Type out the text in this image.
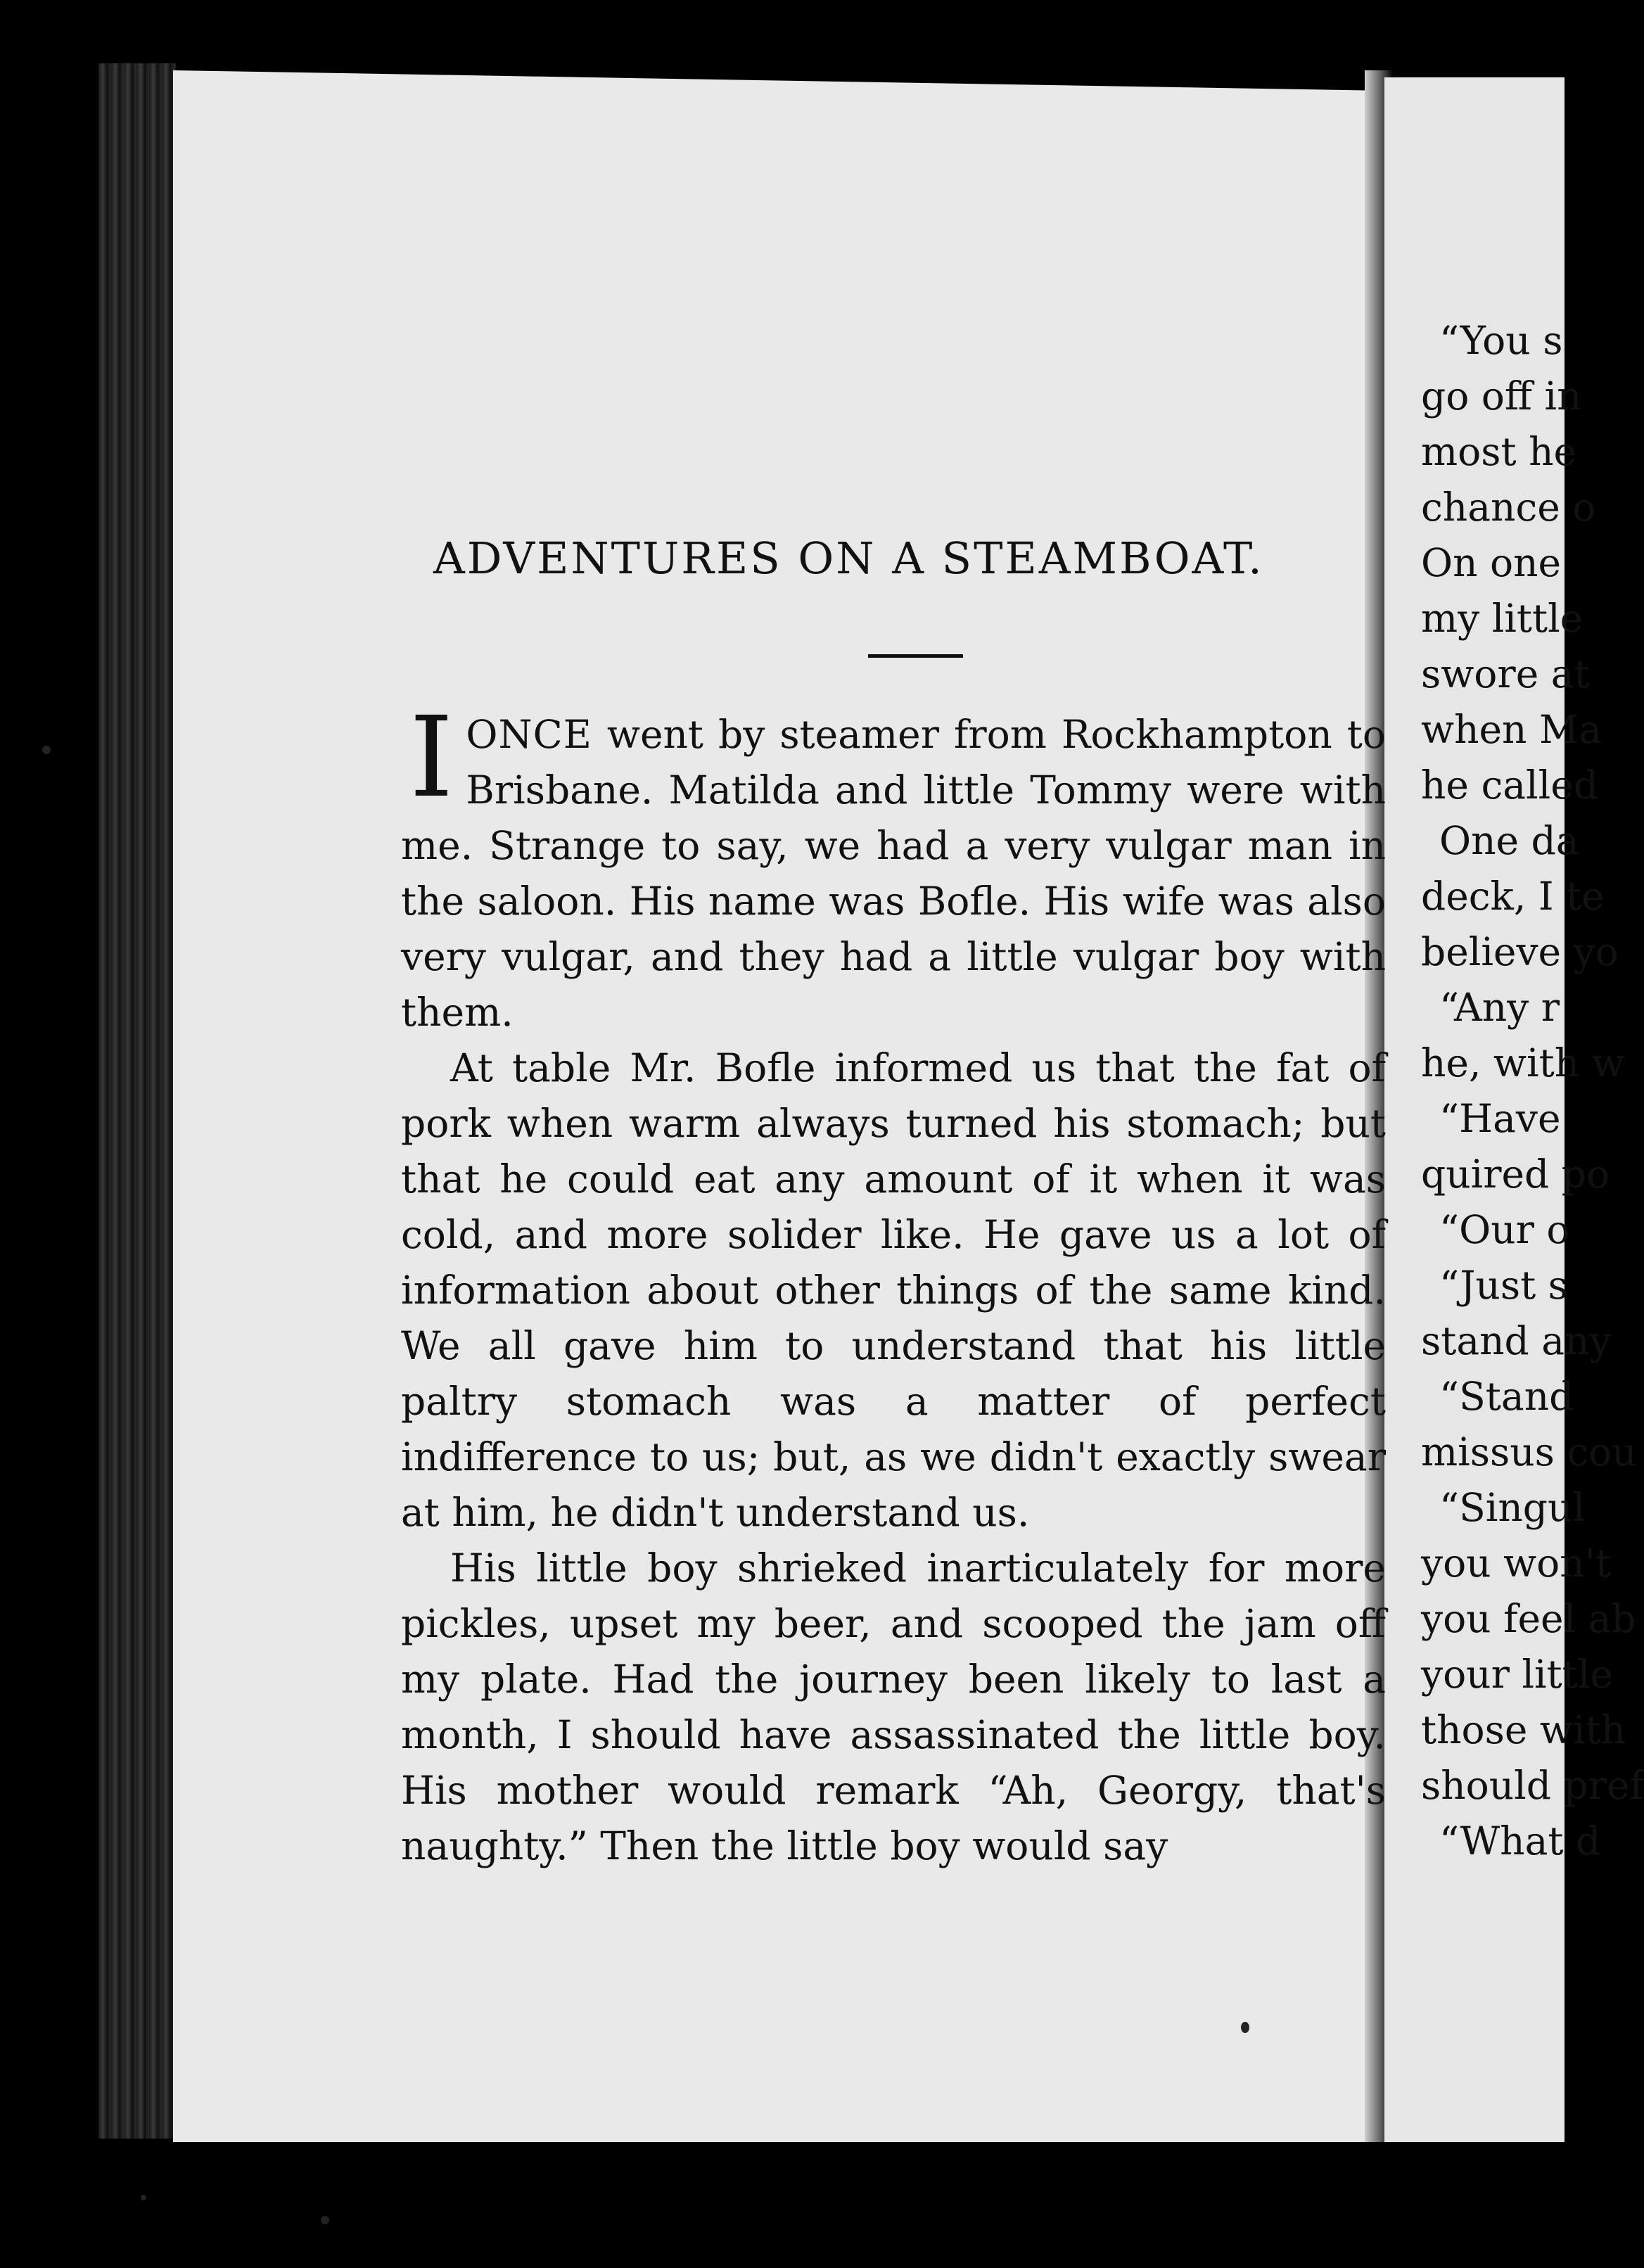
ADVENTURES ON A STEAMBOAT.

IONCE went by steamer from Rockhampton to Brisbane. Matilda and little Tommy were with me. Strange to say, we had a very vulgar man in the saloon. His name was Bofle. His wife was also very vulgar, and they had a little vulgar boy with them.

At table Mr. Bofle informed us that the fat of pork when warm always turned his stomach; but that he could eat any amount of it when it was cold, and more solider like. He gave us a lot of information about other things of the same kind. We all gave him to understand that his little paltry stomach was a matter of perfect indifference to us; but, as we didn't exactly swear at him, he didn't understand us.

His little boy shrieked inarticulately for more pickles, upset my beer, and scooped the jam off my plate. Had the journey been likely to last a month, I should have assassinated the little boy. His mother would remark “Ah, Georgy, that's naughty.” Then the little boy would say

“You s
go off in
most he
chance o
On one
my little
swore at
when Ma
he called
One da
deck, I te
believe yo
“Any r
he, with w
“Have
quired po
“Our o
“Just s
stand any
“Stand
missus cou
“Singul
you won't
you feel ab
your little
those with
should pref
“What d
